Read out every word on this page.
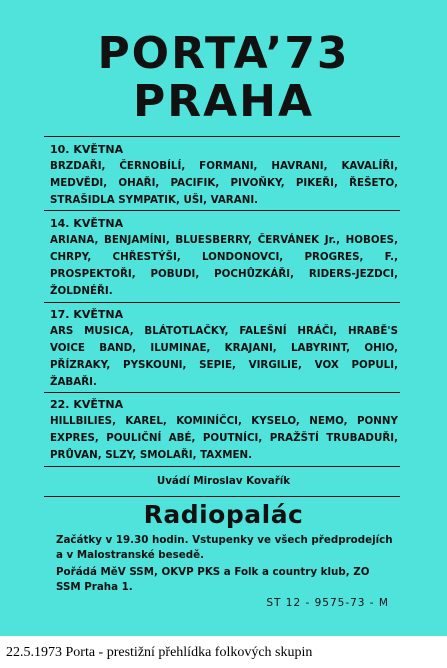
PORTA’73
PRAHA
10. KVĚTNA
BRZDAŘI, ČERNOBÍLÍ, FORMANI, HAVRANI, KAVALÍŘI, MEDVĚDI, OHAŘI, PACIFIK, PIVOŇKY, PIKEŘI, ŘEŠETO, STRAŠIDLA SYMPATIK, UŠI, VARANI.
14. KVĚTNA
ARIANA, BENJAMÍNI, BLUESBERRY, ČERVÁNEK Jr., HOBOES, CHRPY, CHŘESTÝŠI, LONDONOVCI, PROGRES, F., PROSPEKTOŘI, POBUDI, POCHŮZKÁŘI, RIDERS-JEZDCI, ŽOLDNÉŘI.
17. KVĚTNA
ARS MUSICA, BLÁTOTLAČKY, FALEŠNÍ HRÁČI, HRABĚ'S VOICE BAND, ILUMINAE, KRAJANI, LABYRINT, OHIO, PŘÍZRAKY, PYSKOUNI, SEPIE, VIRGILIE, VOX POPULI, ŽABAŘI.
22. KVĚTNA
HILLBILIES, KAREL, KOMINÍČCI, KYSELO, NEMO, PONNY EXPRES, POULIČNÍ ABÉ, POUTNÍCI, PRAŽŠTÍ TRUBADUŘI, PRŮVAN, SLZY, SMOLAŘI, TAXMEN.
Uvádí Miroslav Kovařík
Radiopalác
Začátky v 19.30 hodin. Vstupenky ve všech předprodejích a v Malostranské besedě.
Pořádá MěV SSM, OKVP PKS a Folk a country klub, ZO SSM Praha 1.
ST 12 - 9575-73 - M
22.5.1973 Porta - prestižní přehlídka folkových skupin
